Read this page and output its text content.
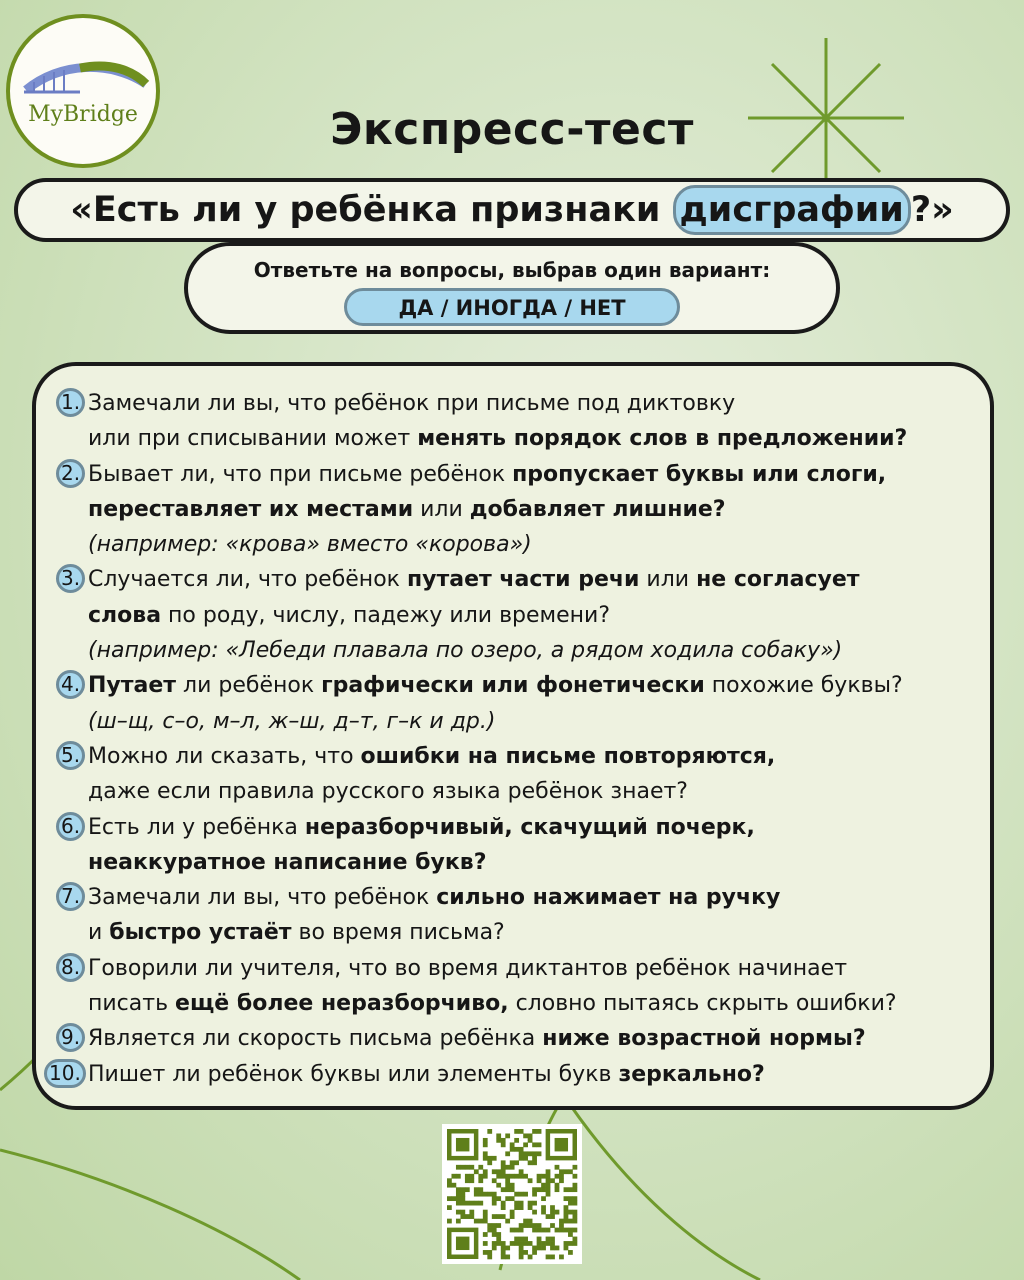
MyBridge	Экспресс-тест
«Есть ли у ребёнка признаки дисграфии ?»
Ответьте на вопросы, выбрав один вариант:
ДА / ИНОГДА / НЕТ
1. Замечали ли вы, что ребёнок при письме под диктовку
или при списывании может менять порядок слов в предложении?
2. Бывает ли, что при письме ребёнок пропускает буквы или слоги,
переставляет их местами или добавляет лишние?
(например: «крова» вместо «корова»)
3. Случается ли, что ребёнок путает части речи или не согласует
слова по роду, числу, падежу или времени?
(например: «Лебеди плавала по озеро, а рядом ходила собаку»)
4. Путает ли ребёнок графически или фонетически похожие буквы?
(ш–щ, с–о, м–л, ж–ш, д–т, г–к и др.)
5. Можно ли сказать, что ошибки на письме повторяются,
даже если правила русского языка ребёнок знает?
6. Есть ли у ребёнка неразборчивый, скачущий почерк,
неаккуратное написание букв?
7. Замечали ли вы, что ребёнок сильно нажимает на ручку
и быстро устаёт во время письма?
8. Говорили ли учителя, что во время диктантов ребёнок начинает
писать ещё более неразборчиво, словно пытаясь скрыть ошибки?
9. Является ли скорость письма ребёнка ниже возрастной нормы?
10. Пишет ли ребёнок буквы или элементы букв зеркально?
